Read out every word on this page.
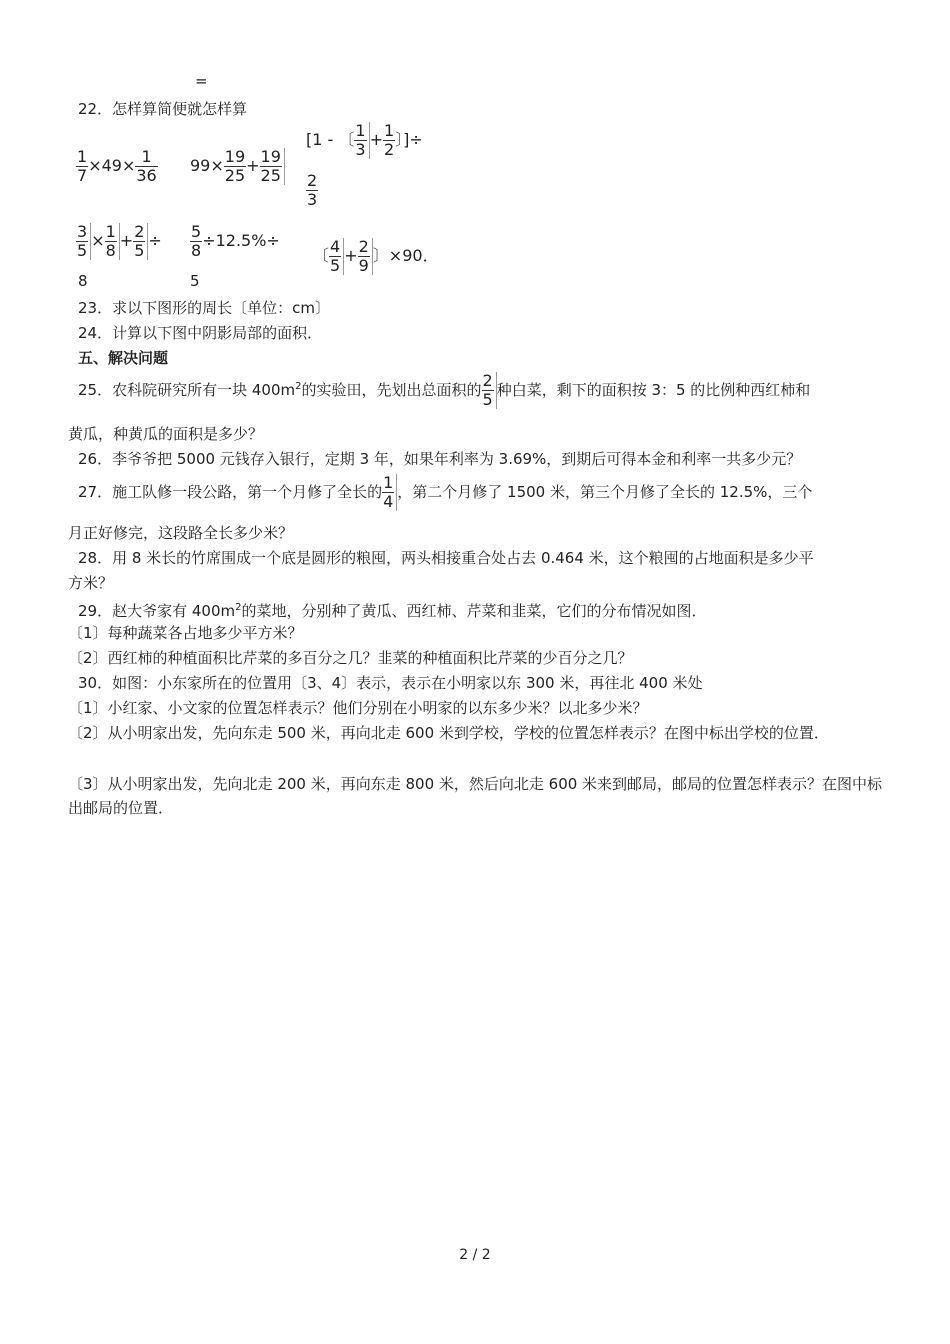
=
22．怎样算简便就怎样算
$\frac{1}{7} \times 49\times \frac{1}{36} 99\times \frac{19}{25} + \frac{19}{25}$
[1 - 〔 $\frac{1}{3} + \frac{1}{2}$ 〕]÷
$\frac{2}{3}$
$\frac{3}{5} \times \frac{1}{8} + \frac{2}{5}$ ÷
8
$\frac{5}{8} \div 12.5\%\div$
5
〔 $\frac{4}{5} + \frac{2}{9}$ 〕×90．
23．求以下图形的周长〔单位：cm〕
24．计算以下图中阴影局部的面积．
五、解决问题
25．农科院研究所有一块 $400m^2$的实验田，先划出总面积的 $\frac{2}{5}$ 种白菜，剩下的面积按 3：5 的比例种西红柿和
黄瓜，种黄瓜的面积是多少？
26．李爷爷把 5000 元钱存入银行，定期 3 年，如果年利率为 3.69%，到期后可得本金和利率一共多少元？
27．施工队修一段公路，第一个月修了全长的 $\frac{1}{4}$ ，第二个月修了 1500 米，第三个月修了全长的 12.5%，三个
月正好修完，这段路全长多少米？
28．用 8 米长的竹席围成一个底是圆形的粮囤，两头相接重合处占去 0.464 米，这个粮囤的占地面积是多少平
方米？
29．赵大爷家有 $400m^2$的菜地，分别种了黄瓜、西红柿、芹菜和韭菜，它们的分布情况如图．
〔1〕每种蔬菜各占地多少平方米？
〔2〕西红柿的种植面积比芹菜的多百分之几？韭菜的种植面积比芹菜的少百分之几？
30．如图：小东家所在的位置用〔3、4〕表示，表示在小明家以东 300 米，再往北 400 米处
〔1〕小红家、小文家的位置怎样表示？他们分别在小明家的以东多少米？以北多少米？
〔2〕从小明家出发，先向东走 500 米，再向北走 600 米到学校，学校的位置怎样表示？在图中标出学校的位置．
〔3〕从小明家出发，先向北走 200 米，再向东走 800 米，然后向北走 600 米来到邮局，邮局的位置怎样表示？在图中标出邮局的位置．
2 / 2
